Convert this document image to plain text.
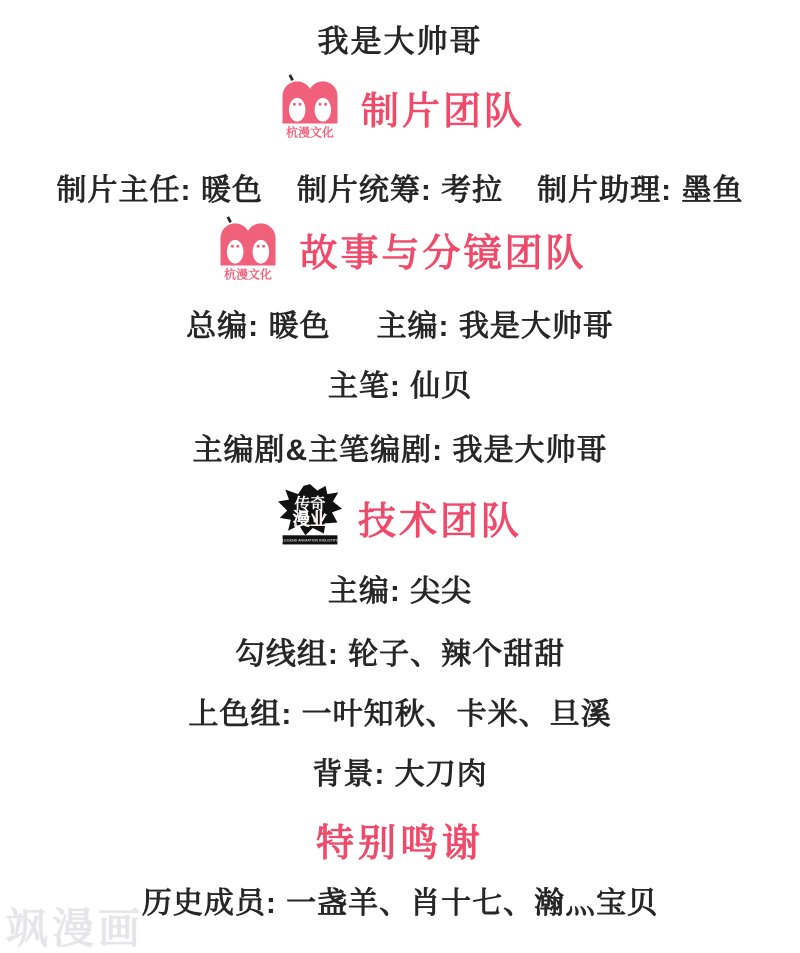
我是大帅哥
杭漫文化 制片团队
制片主任: 暖色 制片统筹: 考拉 制片助理: 墨鱼
杭漫文化 故事与分镜团队
总编: 暖色 主编: 我是大帅哥
主笔: 仙贝
主编剧&主笔编剧: 我是大帅哥
传奇
漫业
LEGEND ANIMATION INDUSTRY 技术团队
主编: 尖尖
勾线组: 轮子、辣个甜甜
上色组: 一叶知秋、卡米、旦溪
背景: 大刀肉
特别鸣谢
历史成员: 一盏羊、肖十七、瀚灬宝贝
飒漫画
